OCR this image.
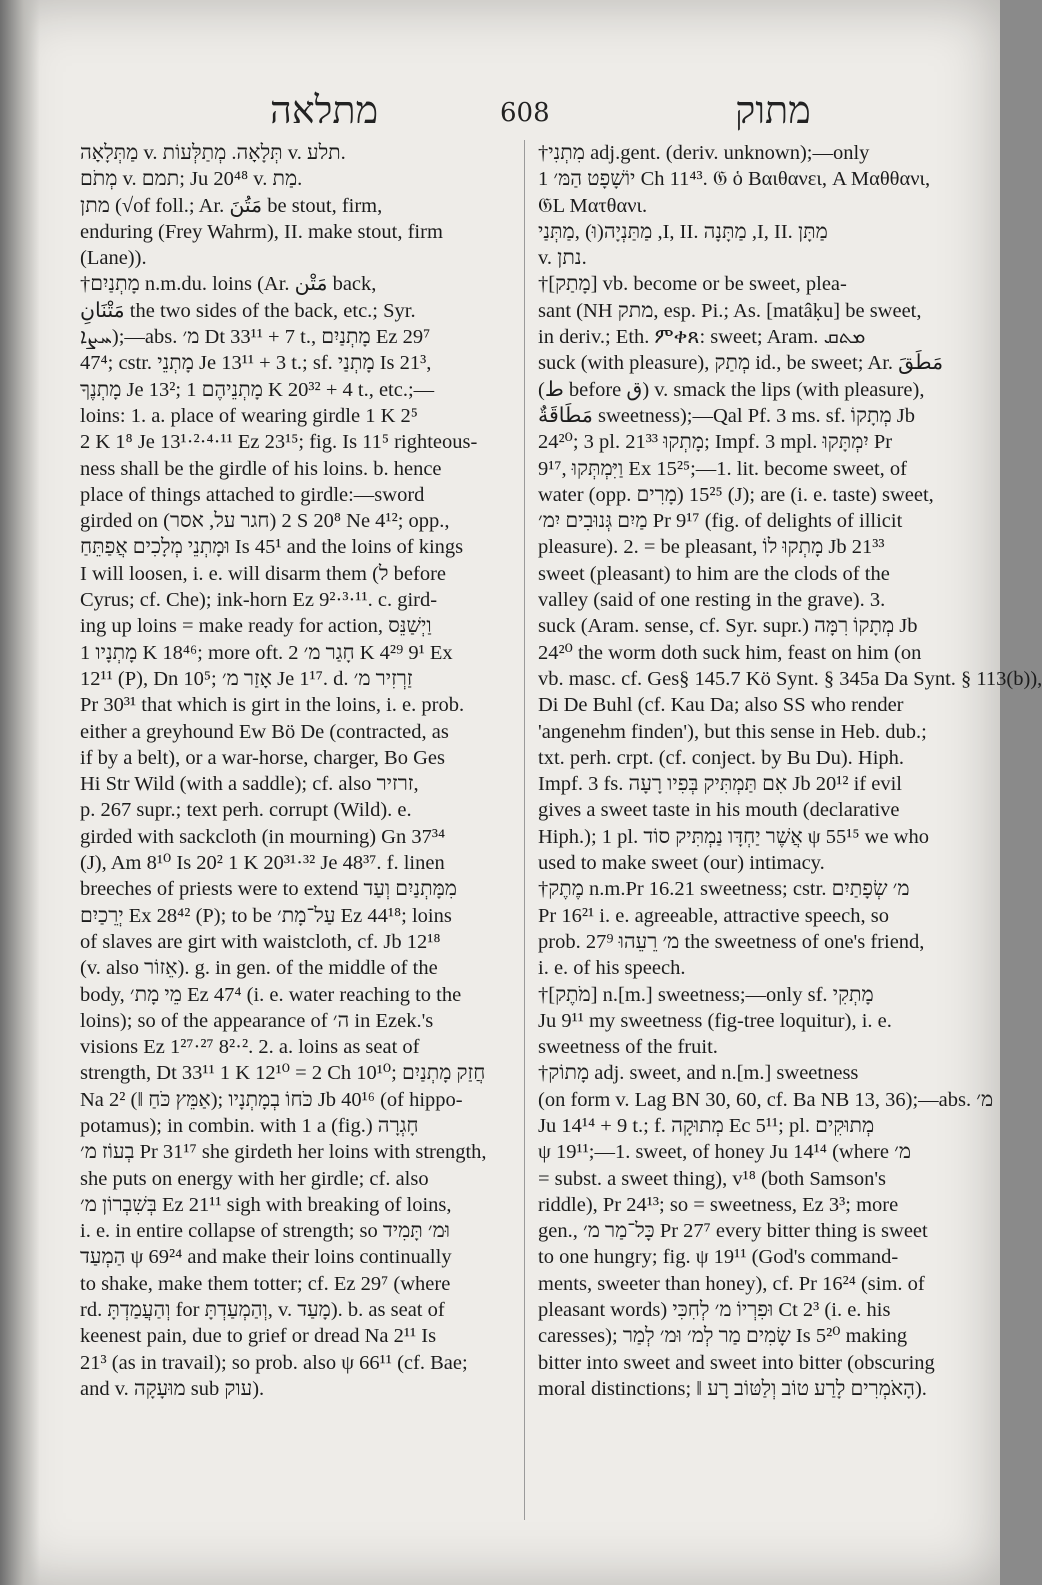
מתלאה	608	מתוק
מַתְּלָאָה v. תְּלָאָה. מְתַלְּעוֹת v. תלע.
מְתֹם v. תמם; Ju 20⁴⁸ v. מַת.
מתן (√of foll.; Ar. مَتُنَ be stout, firm,
enduring (Frey Wahrm), II. make stout, firm
(Lane)).
†מָתְנַיִם n.m.du. loins (Ar. مَتْن back,
مَتْنَانِ the two sides of the back, etc.; Syr.
ܚܨܐ);—abs. מ׳ Dt 33¹¹ + 7 t., מָתְנַיִם Ez 29⁷
47⁴; cstr. מָתְנֵי Je 13¹¹ + 3 t.; sf. מָתְנַי Is 21³,
מָתְנֶךָ Je 13²; מָתְנֵיהֶם 1 K 20³² + 4 t., etc.;—
loins: 1. a. place of wearing girdle 1 K 2⁵
2 K 1⁸ Je 13¹·²·⁴·¹¹ Ez 23¹⁵; fig. Is 11⁵ righteous-
ness shall be the girdle of his loins. b. hence
place of things attached to girdle:—sword
girded on (חגר על, אסר) 2 S 20⁸ Ne 4¹²; opp.,
וּמָתְנֵי מְלָכִים אֲפַתֵּחַ Is 45¹ and the loins of kings
I will loosen, i. e. will disarm them (ל before
Cyrus; cf. Che); ink-horn Ez 9²·³·¹¹. c. gird-
ing up loins = make ready for action, וַיְשַׁנֵּס
מָתְנָיו 1 K 18⁴⁶; more oft. חָגַר מ׳ 2 K 4²⁹ 9¹ Ex
12¹¹ (P), Dn 10⁵; אָזַר מ׳ Je 1¹⁷. d. זַרְזִיר מ׳
Pr 30³¹ that which is girt in the loins, i. e. prob.
either a greyhound Ew Bö De (contracted, as
if by a belt), or a war-horse, charger, Bo Ges
Hi Str Wild (with a saddle); cf. also זרזיר,
p. 267 supr.; text perh. corrupt (Wild). e.
girded with sackcloth (in mourning) Gn 37³⁴
(J), Am 8¹⁰ Is 20² 1 K 20³¹·³² Je 48³⁷. f. linen
breeches of priests were to extend מִמָּתְנַיִם וְעַד
יְרֵכַיִם Ex 28⁴² (P); to be עַל־מָת׳ Ez 44¹⁸; loins
of slaves are girt with waistcloth, cf. Jb 12¹⁸
(v. also אֵזוֹר). g. in gen. of the middle of the
body, מֵי מָת׳ Ez 47⁴ (i. e. water reaching to the
loins); so of the appearance of ה׳ in Ezek.'s
visions Ez 1²⁷·²⁷ 8²·². 2. a. loins as seat of
strength, Dt 33¹¹ 1 K 12¹⁰ = 2 Ch 10¹⁰; חֲזַק מָתְנַיִם
Na 2² (‖ אַמֵּץ כֹּחַ); כֹּחוֹ בְמָתְנָיו Jb 40¹⁶ (of hippo-
potamus); in combin. with 1 a (fig.) חָגְרָה
בְעוֹז מ׳ Pr 31¹⁷ she girdeth her loins with strength,
she puts on energy with her girdle; cf. also
בְּשִׁבְרוֹן מ׳ Ez 21¹¹ sigh with breaking of loins,
i. e. in entire collapse of strength; so וּמ׳ תָּמִיד
הַמְעַד ψ 69²⁴ and make their loins continually
to shake, make them totter; cf. Ez 29⁷ (where
rd. וְהַעֲמַדְתָּ for וְהַמְעַדְתָּ, v. מָעַד). b. as seat of
keenest pain, due to grief or dread Na 2¹¹ Is
21³ (as in travail); so prob. also ψ 66¹¹ (cf. Bae;
and v. מוּעָקָה sub עוק).
†מִתְנִי adj.gent. (deriv. unknown);—only
יוֹשָׁפָט הַמּ׳ 1 Ch 11⁴³. 𝔊 ὁ Βαιθανει, A Μαθθανι,
𝔊L Ματθανι.
מַתַּנְיָה(וּ) ,מַתְּנַי ,I, II. מַתָּנָה ,I, II. מַתָּן
v. נתן.
†[מָתַק] vb. become or be sweet, plea-
sant (NH מתק, esp. Pi.; As. [matâḳu] be sweet,
in deriv.; Eth. ምቀጸ: sweet; Aram. ܡܬܩ
suck (with pleasure), מְתַק id., be sweet; Ar. مَطَقَ
(ط before ق) v. smack the lips (with pleasure),
مَطَاقَةٌ sweetness);—Qal Pf. 3 ms. sf. מְתָקוֹ Jb
24²⁰; 3 pl. מָתְקוּ 21³³; Impf. 3 mpl. יִמְתָּקוּ Pr
9¹⁷, וַיִּמְתְּקוּ Ex 15²⁵;—1. lit. become sweet, of
water (opp. מָרִים) 15²⁵ (J); are (i. e. taste) sweet,
מַיִם גְּנוּבִים יִמ׳ Pr 9¹⁷ (fig. of delights of illicit
pleasure). 2. = be pleasant, מָתְקוּ לוֹ Jb 21³³
sweet (pleasant) to him are the clods of the
valley (said of one resting in the grave). 3.
suck (Aram. sense, cf. Syr. supr.) מְתָקוֹ רִמָּה Jb
24²⁰ the worm doth suck him, feast on him (on
vb. masc. cf. Ges§ 145.7 Kö Synt. § 345a Da Synt. § 113(b)),
Di De Buhl (cf. Kau Da; also SS who render
'angenehm finden'), but this sense in Heb. dub.;
txt. perh. crpt. (cf. conject. by Bu Du). Hiph.
Impf. 3 fs. אִם תַּמְתִּיק בְּפִיו רָעָה Jb 20¹² if evil
gives a sweet taste in his mouth (declarative
Hiph.); 1 pl. אֲשֶׁר יַחְדָּו נַמְתִּיק סוֹד ψ 55¹⁵ we who
used to make sweet (our) intimacy.
†מֶתֶק n.m.Pr 16.21 sweetness; cstr. מ׳ שְׂפָתַיִם
Pr 16²¹ i. e. agreeable, attractive speech, so
prob. מ׳ רֵעֵהוּ 27⁹ the sweetness of one's friend,
i. e. of his speech.
†[מֹתֶק] n.[m.] sweetness;—only sf. מָתְקִי
Ju 9¹¹ my sweetness (fig-tree loquitur), i. e.
sweetness of the fruit.
†מָתוֹק adj. sweet, and n.[m.] sweetness
(on form v. Lag BN 30, 60, cf. Ba NB 13, 36);—abs. מ׳
Ju 14¹⁴ + 9 t.; f. מְתוּקָה Ec 5¹¹; pl. מְתוּקִים
ψ 19¹¹;—1. sweet, of honey Ju 14¹⁴ (where מ׳
= subst. a sweet thing), v¹⁸ (both Samson's
riddle), Pr 24¹³; so = sweetness, Ez 3³; more
gen., כָּל־מַר מ׳ Pr 27⁷ every bitter thing is sweet
to one hungry; fig. ψ 19¹¹ (God's command-
ments, sweeter than honey), cf. Pr 16²⁴ (sim. of
pleasant words) וּפִרְיוֹ מ׳ לְחִכִּי Ct 2³ (i. e. his
caresses); שָׂמִים מַר לְמ׳ וּמ׳ לְמַר Is 5²⁰ making
bitter into sweet and sweet into bitter (obscuring
moral distinctions; ‖ הָאֹמְרִים לָרַע טוֹב וְלַטּוֹב רָע).
